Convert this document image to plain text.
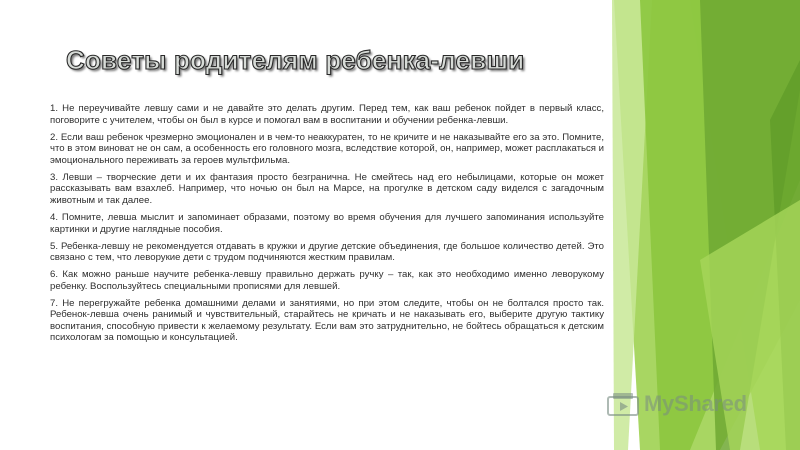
Советы родителям ребенка-левши

1. Не переучивайте левшу сами и не давайте это делать другим. Перед тем, как ваш ребенок пойдет в первый класс, поговорите с учителем, чтобы он был в курсе и помогал вам в воспитании и обучении ребенка-левши.

2. Если ваш ребенок чрезмерно эмоционален и в чем-то неаккуратен, то не кричите и не наказывайте его за это. Помните, что в этом виноват не он сам, а особенность его головного мозга, вследствие которой, он, например, может расплакаться и эмоционального переживать за героев мультфильма.

3. Левши – творческие дети и их фантазия просто безгранична. Не смейтесь над его небылицами, которые он может рассказывать вам взахлеб. Например, что ночью он был на Марсе, на прогулке в детском саду виделся с загадочным животным и так далее.

4. Помните, левша мыслит и запоминает образами, поэтому во время обучения для лучшего запоминания используйте картинки и другие наглядные пособия.

5. Ребенка-левшу не рекомендуется отдавать в кружки и другие детские объединения, где большое количество детей. Это связано с тем, что леворукие дети с трудом подчиняются жестким правилам.

6. Как можно раньше научите ребенка-левшу правильно держать ручку – так, как это необходимо именно леворукому ребенку. Воспользуйтесь специальными прописями для левшей.

7. Не перегружайте ребенка домашними делами и занятиями, но при этом следите, чтобы он не болтался просто так. Ребенок-левша очень ранимый и чувствительный, старайтесь не кричать и не наказывать его, выберите другую тактику воспитания, способную привести к желаемому результату. Если вам это затруднительно, не бойтесь обращаться к детским психологам за помощью и консультацией.

MyShared
